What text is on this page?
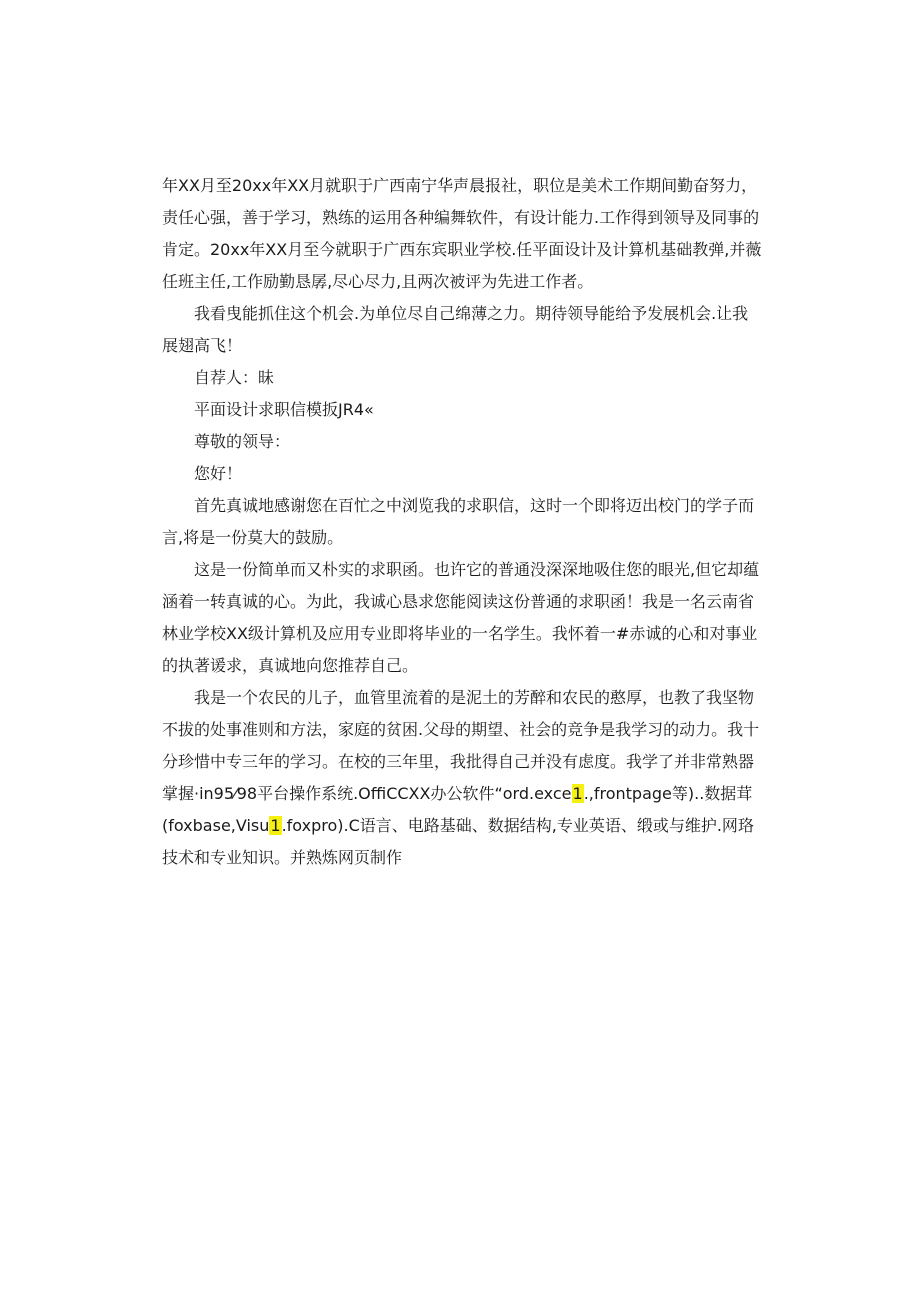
年XX月至20xx年XX月就职于广西南宁华声晨报社，职位是美术工作期间勤奋努力，责任心强，善于学习，熟练的运用各种编舞软件，有设计能力.工作得到领导及同事的肯定。20xx年XX月至今就职于广西东宾职业学校.任平面设计及计算机基础教弹,并薇任班主任,工作励勤恳孱,尽心尽力,且两次被评为先进工作者。

我看曳能抓住这个机会.为单位尽自己绵薄之力。期待领导能给予发展机会.让我展翅高飞！

自荐人：昧

平面设计求职信模扳JR4«

尊敬的领导：

您好！

首先真诚地感谢您在百忙之中浏览我的求职信，这时一个即将迈出校门的学子而言,将是一份莫大的鼓励。

这是一份简单而又朴实的求职函。也许它的普通没深深地吸住您的眼光,但它却蕴涵着一转真诚的心。为此，我诚心恳求您能阅读这份普通的求职函！我是一名云南省林业学校XX级计算机及应用专业即将毕业的一名学生。我怀着一#赤诚的心和对事业的执著谖求，真诚地向您推荐自己。

我是一个农民的儿子，血管里流着的是泥土的芳醉和农民的憨厚，也教了我坚物不拔的处事准则和方法，家庭的贫困.父母的期望、社会的竞争是我学习的动力。我十分珍惜中专三年的学习。在校的三年里，我批得自己并没有虑度。我学了并非常熟器掌握·in95⁄98平台操作系统.OffiCCXX办公软件“ord.exce1.,frontpage等)..数据茸(foxbase,Visu1.foxpro).C语言、电路基础、数据结构,专业英语、缎或与维护.网珞技术和专业知识。并熟炼网页制作
